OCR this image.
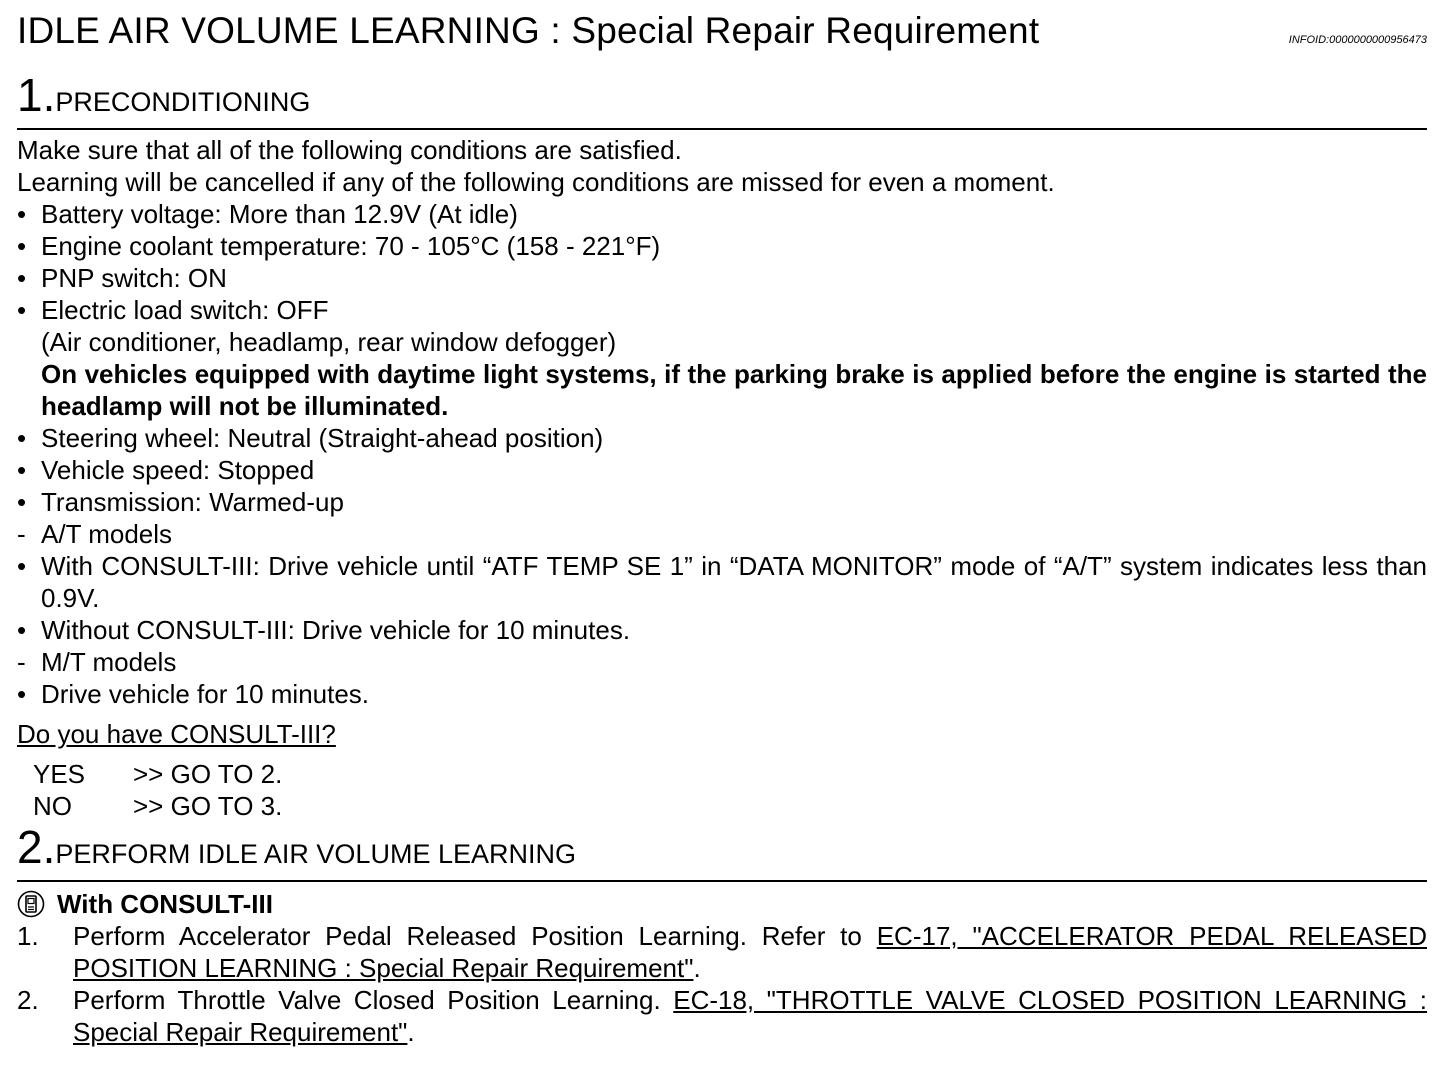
IDLE AIR VOLUME LEARNING : Special Repair Requirement	INFOID:0000000000956473
1.PRECONDITIONING
Make sure that all of the following conditions are satisfied.
Learning will be cancelled if any of the following conditions are missed for even a moment.
• Battery voltage: More than 12.9V (At idle)
• Engine coolant temperature: 70 - 105°C (158 - 221°F)
• PNP switch: ON
• Electric load switch: OFF
(Air conditioner, headlamp, rear window defogger)
On vehicles equipped with daytime light systems, if the parking brake is applied before the engine is started the headlamp will not be illuminated.
• Steering wheel: Neutral (Straight-ahead position)
• Vehicle speed: Stopped
• Transmission: Warmed-up
- A/T models
• With CONSULT-III: Drive vehicle until “ATF TEMP SE 1” in “DATA MONITOR” mode of “A/T” system indicates less than 0.9V.
• Without CONSULT-III: Drive vehicle for 10 minutes.
- M/T models
• Drive vehicle for 10 minutes.
Do you have CONSULT-III?
YES >> GO TO 2.
NO >> GO TO 3.
2.PERFORM IDLE AIR VOLUME LEARNING
With CONSULT-III
1. Perform Accelerator Pedal Released Position Learning. Refer to EC-17, "ACCELERATOR PEDAL RELEASED POSITION LEARNING : Special Repair Requirement".
2. Perform Throttle Valve Closed Position Learning. EC-18, "THROTTLE VALVE CLOSED POSITION LEARNING : Special Repair Requirement".
